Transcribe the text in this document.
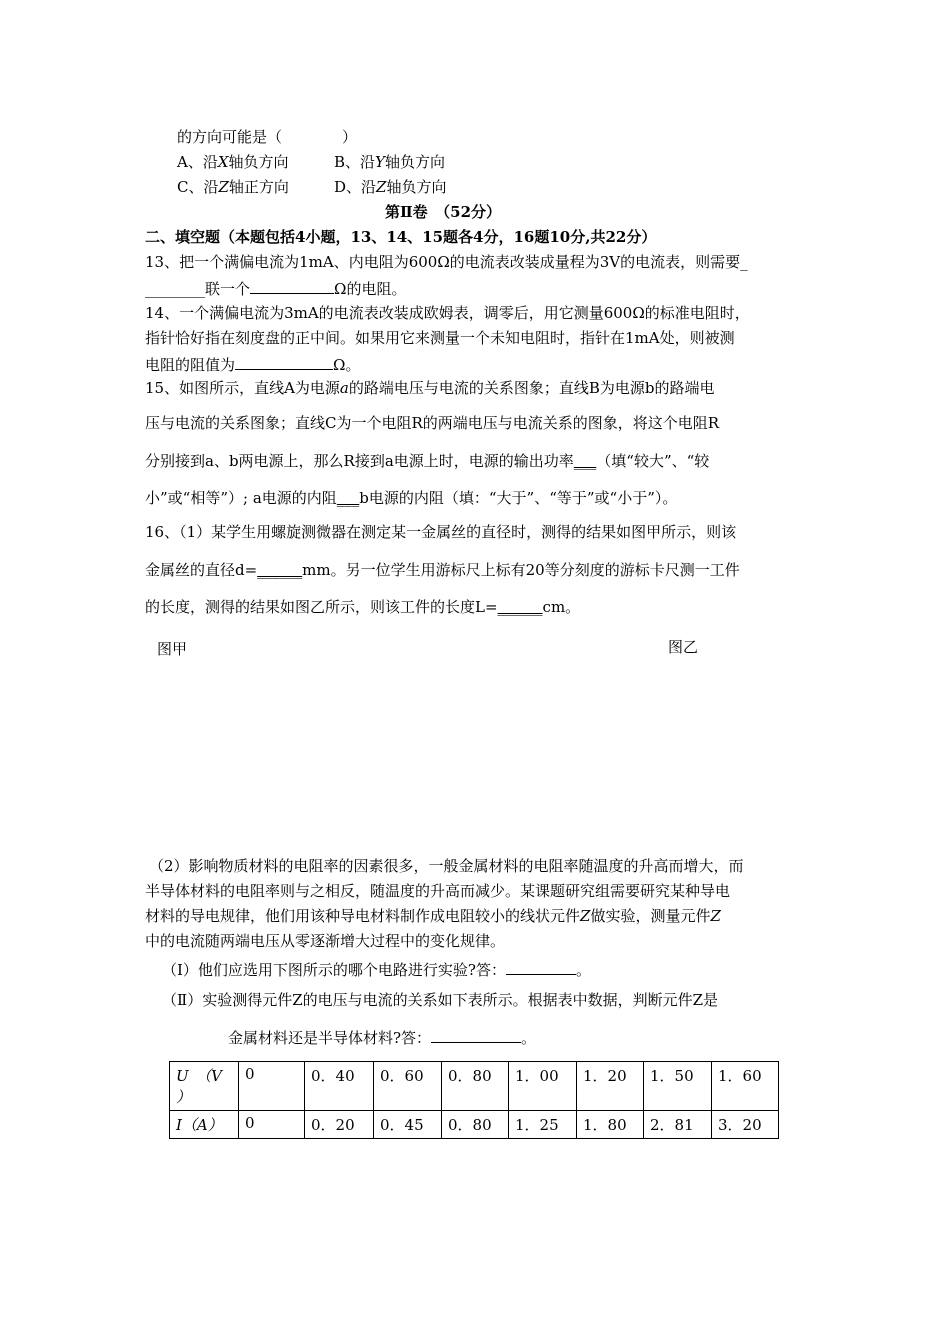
的方向可能是（　　　　）
A、沿X轴负方向	B、沿Y轴负方向
C、沿Z轴正方向	D、沿Z轴负方向
第Ⅱ卷　（52分）
二、填空题（本题包括4小题，13、14、15题各4分，16题10分,共22分）
13、把一个满偏电流为1mA、内电阻为600Ω的电流表改装成量程为3V的电流表，则需要_
________联一个	Ω的电阻。
14、一个满偏电流为3mA的电流表改装成欧姆表，调零后，用它测量600Ω的标准电阻时，
指针恰好指在刻度盘的正中间。如果用它来测量一个未知电阻时，指针在1mA处，则被测
电阻的阻值为	Ω。
15、如图所示，直线A为电源a的路端电压与电流的关系图象；直线B为电源b的路端电
压与电流的关系图象；直线C为一个电阻R的两端电压与电流关系的图象，将这个电阻R
分别接到a、b两电源上，那么R接到a电源上时，电源的输出功率___（填“较大”、“较
小”或“相等”）; a电源的内阻___b电源的内阻（填：“大于”、“等于”或“小于”）。
16、（1）某学生用螺旋测微器在测定某一金属丝的直径时，测得的结果如图甲所示，则该
金属丝的直径d=______mm。另一位学生用游标尺上标有20等分刻度的游标卡尺测一工件
的长度，测得的结果如图乙所示，则该工件的长度L=______cm。
图甲	图乙
（2）影响物质材料的电阻率的因素很多，一般金属材料的电阻率随温度的升高而增大，而
半导体材料的电阻率则与之相反，随温度的升高而减少。某课题研究组需要研究某种导电
材料的导电规律，他们用该种导电材料制作成电阻较小的线状元件Z做实验，测量元件Z
中的电流随两端电压从零逐渐增大过程中的变化规律。
（Ⅰ）他们应选用下图所示的哪个电路进行实验?答：	。
（Ⅱ）实验测得元件Z的电压与电流的关系如下表所示。根据表中数据，判断元件Z是
金属材料还是半导体材料?答：	。
U　（V
）	0	0．40	0．60	0．80	1．00	1．20	1．50	1．60
I（A）	0	0．20	0．45	0．80	1．25	1．80	2．81	3．20
